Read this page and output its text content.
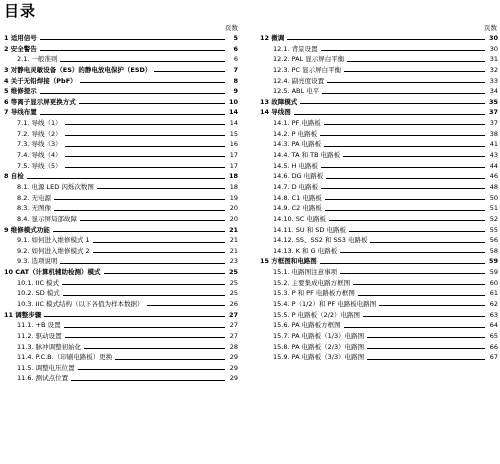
目录
页数
1 适用信号	5
2 安全警告	6
2.1. 一般准则	6
3 对静电灵敏设备（ES）的静电放电保护（ESD）	7
4 关于无铅焊接（PbF）	8
5 维修提示	9
6 等离子显示屏更换方式	10
7 导线布置	14
7.1. 导线（1）	14
7.2. 导线（2）	15
7.3. 导线（3）	16
7.4. 导线（4）	17
7.5. 导线（5）	17
8 自检	18
8.1. 电源 LED 闪烁次数图	18
8.2. 无电源	19
8.3. 无图像	20
8.4. 显示屏局部故障	20
9 维修模式功能	21
9.1. 如何进入维修模式 1	21
9.2. 如何进入维修模式 2	21
9.3. 选项说明	23
10 CAT（计算机辅助检测）模式	25
10.1. IIC 模式	25
10.2. SD 模式	25
10.3. IIC 模式结构（以下各值为样本数据）	26
11 调整步骤	27
11.1. +B 设置	27
11.2. 驱动设置	27
11.3. 脉冲调整初始化	28
11.4. P.C.B.（印刷电路板）更换	29
11.5. 调整电压位置	29
11.6. 测试点位置	29
页数
12 微调	30
12.1. 背景设置	30
12.2. PAL 显示屏白平衡	31
12.3. PC 显示屏白平衡	32
12.4. 副亮度设置	33
12.5. ABL 电平	34
13 故障模式	35
14 导线图	37
14.1. PF 电路板	37
14.2. P 电路板	38
14.3. PA 电路板	41
14.4. TA 和 TB 电路板	43
14.5. H 电路板	44
14.6. DG 电路板	46
14.7. D 电路板	48
14.8. C1 电路板	50
14.9. C2 电路板	51
14.10. SC 电路板	52
14.11. SU 和 SD 电路板	55
14.12. SS、SS2 和 SS3 电路板	56
14.13. K 和 G 电路板	58
15 方框图和电路图	59
15.1. 电路图注意事项	59
15.2. 主要集成电路方框图	60
15.3. P 和 PF 电路板方框图	61
15.4. P（1/2）和 PF 电路板电路图	62
15.5. P 电路板（2/2）电路图	63
15.6. PA 电路板方框图	64
15.7. PA 电路板（1/3）电路图	65
15.8. PA 电路板（2/3）电路图	66
15.9. PA 电路板（3/3）电路图	67
